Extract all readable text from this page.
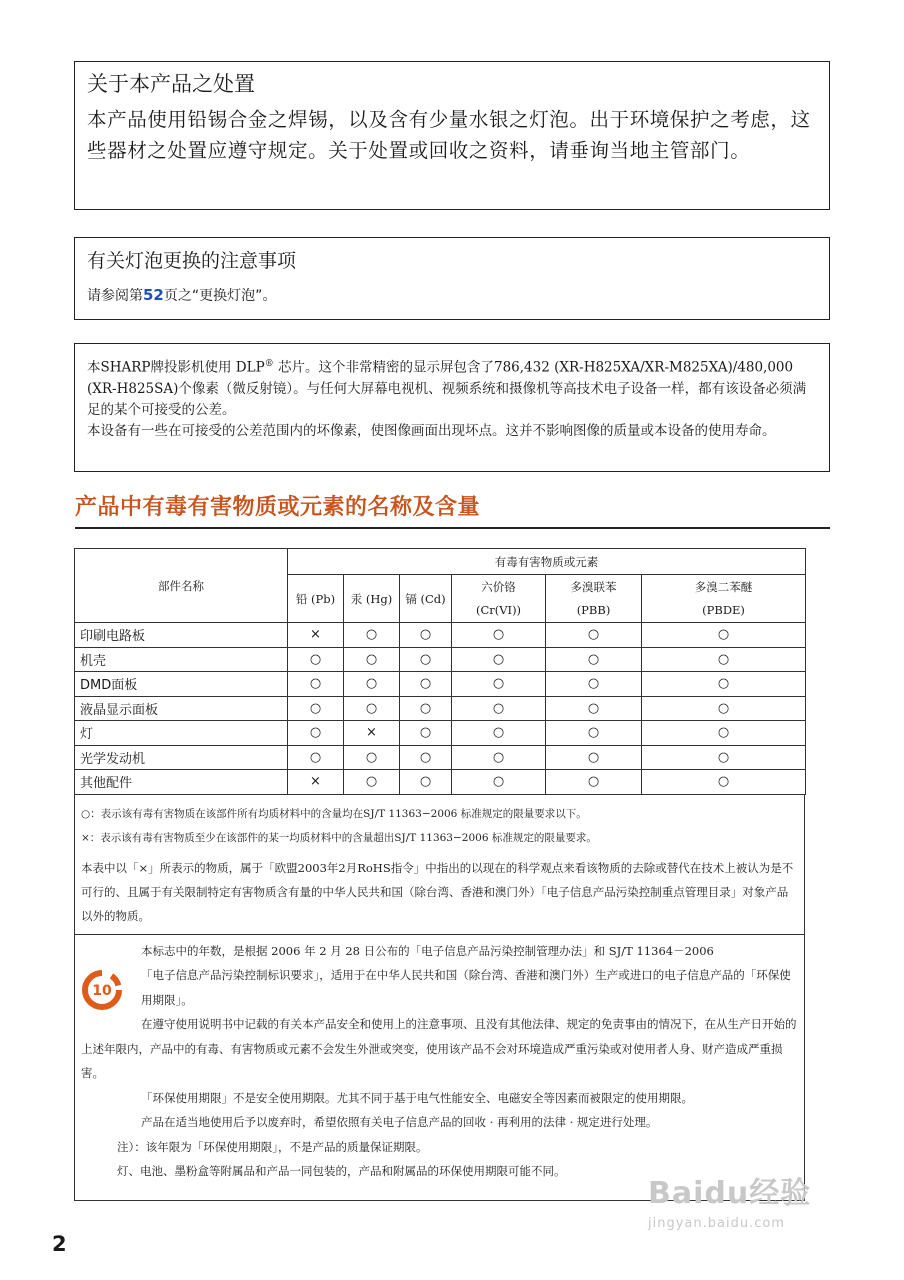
关于本产品之处置
本产品使用铅锡合金之焊锡，以及含有少量水银之灯泡。出于环境保护之考虑，这些器材之处置应遵守规定。关于处置或回收之资料，请垂询当地主管部门。
有关灯泡更换的注意事项
请参阅第52页之“更换灯泡”。
本SHARP牌投影机使用 DLP® 芯片。这个非常精密的显示屏包含了786,432 (XR-H825XA/XR-M825XA)/480,000 (XR-H825SA)个像素（微反射镜）。与任何大屏幕电视机、视频系统和摄像机等高技术电子设备一样，都有该设备必须满足的某个可接受的公差。
本设备有一些在可接受的公差范围内的坏像素，使图像画面出现坏点。这并不影响图像的质量或本设备的使用寿命。
产品中有毒有害物质或元素的名称及含量
部件名称	有毒有害物质或元素					
	铅 (Pb)	汞 (Hg)	镉 (Cd)	六价铬	多溴联苯	多溴二苯醚
				(Cr(VI))	(PBB)	(PBDE)
印刷电路板	×	○	○	○	○	○
机壳	○	○	○	○	○	○
DMD面板	○	○	○	○	○	○
液晶显示面板	○	○	○	○	○	○
灯	○	×	○	○	○	○
光学发动机	○	○	○	○	○	○
其他配件	×	○	○	○	○	○
○：表示该有毒有害物质在该部件所有均质材料中的含量均在SJ/T 11363−2006 标准规定的限量要求以下。
×：表示该有毒有害物质至少在该部件的某一均质材料中的含量超出SJ/T 11363−2006 标准规定的限量要求。
本表中以「×」所表示的物质，属于「欧盟2003年2月RoHS指令」中指出的以现在的科学观点来看该物质的去除或替代在技术上被认为是不可行的、且属于有关限制特定有害物质含有量的中华人民共和国（除台湾、香港和澳门外）「电子信息产品污染控制重点管理目录」对象产品以外的物质。
10

本标志中的年数，是根据 2006 年 2 月 28 日公布的「电子信息产品污染控制管理办法」和 SJ/T 11364－2006

「电子信息产品污染控制标识要求」，适用于在中华人民共和国（除台湾、香港和澳门外）生产或进口的电子信息产品的「环保使用期限」。

在遵守使用说明书中记载的有关本产品安全和使用上的注意事项、且没有其他法律、规定的免责事由的情况下，在从生产日开始的上述年限内，产品中的有毒、有害物质或元素不会发生外泄或突变，使用该产品不会对环境造成严重污染或对使用者人身、财产造成严重损害。

「环保使用期限」不是安全使用期限。尤其不同于基于电气性能安全、电磁安全等因素而被限定的使用期限。

产品在适当地使用后予以废弃时，希望依照有关电子信息产品的回收 · 再利用的法律 · 规定进行处理。

注）：该年限为「环保使用期限」，不是产品的质量保证期限。

灯、电池、墨粉盒等附属品和产品一同包装的，产品和附属品的环保使用期限可能不同。

Baidu经验
jingyan.baidu.com
2
